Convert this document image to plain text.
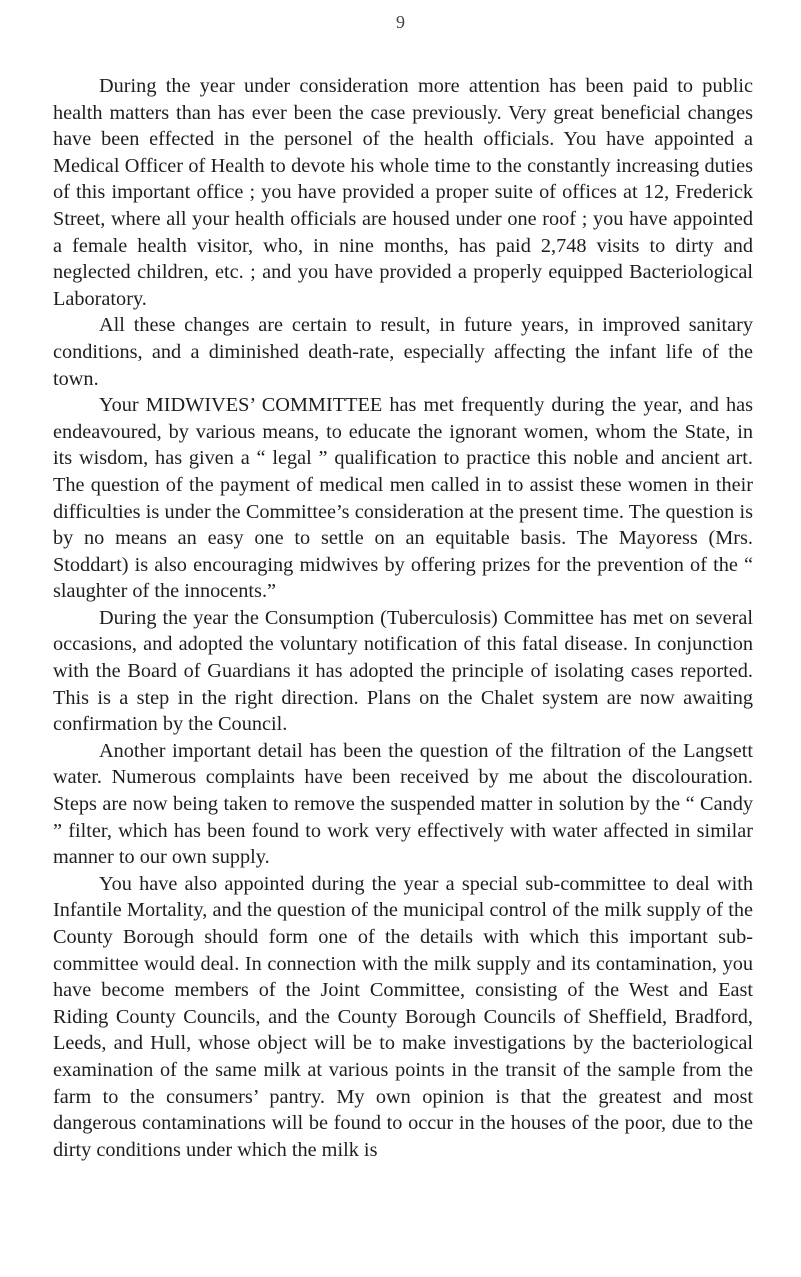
9

During the year under consideration more attention has been paid to public health matters than has ever been the case previously. Very great beneficial changes have been effected in the personel of the health officials. You have appointed a Medical Officer of Health to devote his whole time to the constantly increasing duties of this important office ; you have provided a proper suite of offices at 12, Frederick Street, where all your health officials are housed under one roof ; you have appointed a female health visitor, who, in nine months, has paid 2,748 visits to dirty and neglected children, etc. ; and you have provided a properly equipped Bacteriological Laboratory.

All these changes are certain to result, in future years, in improved sanitary conditions, and a diminished death-rate, especially affecting the infant life of the town.

Your MIDWIVES’ COMMITTEE has met frequently during the year, and has endeavoured, by various means, to educate the ignorant women, whom the State, in its wisdom, has given a “ legal ” qualification to practice this noble and ancient art. The question of the payment of medical men called in to assist these women in their difficulties is under the Committee’s consideration at the present time. The question is by no means an easy one to settle on an equitable basis. The Mayoress (Mrs. Stoddart) is also encouraging midwives by offering prizes for the prevention of the “ slaughter of the innocents.”

During the year the Consumption (Tuberculosis) Committee has met on several occasions, and adopted the voluntary notification of this fatal disease. In conjunction with the Board of Guardians it has adopted the principle of isolating cases reported. This is a step in the right direction. Plans on the Chalet system are now awaiting confirmation by the Council.

Another important detail has been the question of the filtration of the Langsett water. Numerous complaints have been received by me about the discolouration. Steps are now being taken to remove the suspended matter in solution by the “ Candy ” filter, which has been found to work very effectively with water affected in similar manner to our own supply.

You have also appointed during the year a special sub-committee to deal with Infantile Mortality, and the question of the municipal control of the milk supply of the County Borough should form one of the details with which this important sub-committee would deal. In connection with the milk supply and its contamination, you have become members of the Joint Committee, consisting of the West and East Riding County Councils, and the County Borough Councils of Sheffield, Bradford, Leeds, and Hull, whose object will be to make investigations by the bacteriological examination of the same milk at various points in the transit of the sample from the farm to the consumers’ pantry. My own opinion is that the greatest and most dangerous contaminations will be found to occur in the houses of the poor, due to the dirty conditions under which the milk is
